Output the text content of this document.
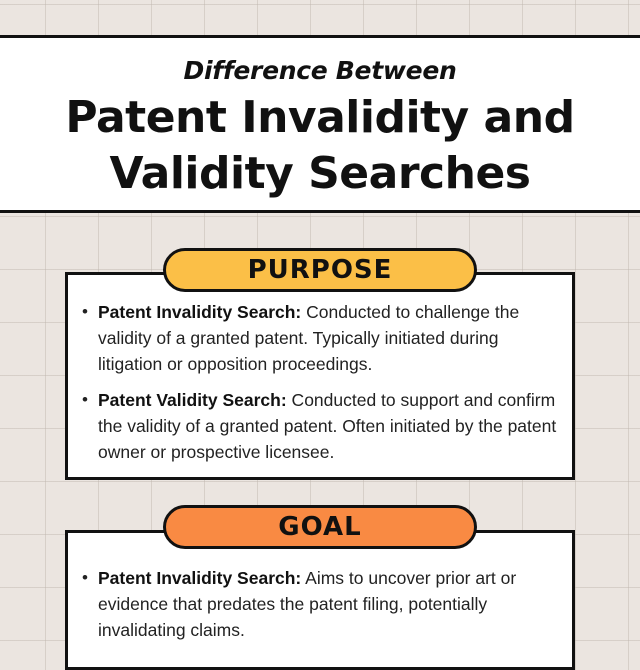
Difference Between
Patent Invalidity and
Validity Searches
• Patent Invalidity Search: Conducted to challenge the validity of a granted patent. Typically initiated during litigation or opposition proceedings.
• Patent Validity Search: Conducted to support and confirm the validity of a granted patent. Often initiated by the patent owner or prospective licensee.
PURPOSE
• Patent Invalidity Search: Aims to uncover prior art or evidence that predates the patent filing, potentially invalidating claims.
GOAL
